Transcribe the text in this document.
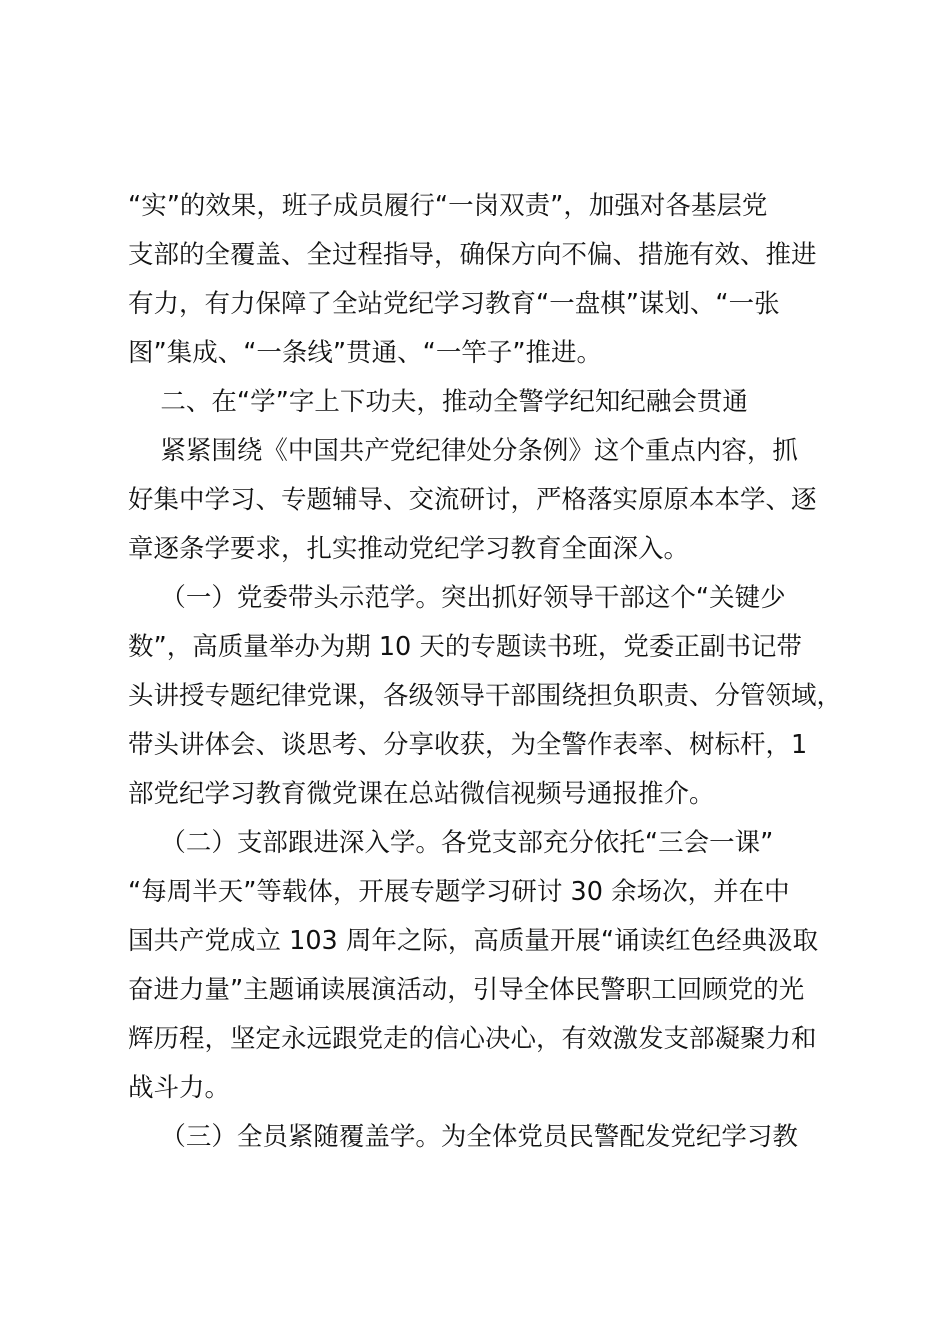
“实”的效果，班子成员履行“一岗双责”，加强对各基层党
支部的全覆盖、全过程指导，确保方向不偏、措施有效、推进
有力，有力保障了全站党纪学习教育“一盘棋”谋划、“一张
图”集成、“一条线”贯通、“一竿子”推进。
二、在“学”字上下功夫，推动全警学纪知纪融会贯通
紧紧围绕《中国共产党纪律处分条例》这个重点内容，抓
好集中学习、专题辅导、交流研讨，严格落实原原本本学、逐
章逐条学要求，扎实推动党纪学习教育全面深入。
（一）党委带头示范学。突出抓好领导干部这个“关键少
数”，高质量举办为期 10 天的专题读书班，党委正副书记带
头讲授专题纪律党课，各级领导干部围绕担负职责、分管领域，
带头讲体会、谈思考、分享收获，为全警作表率、树标杆，1
部党纪学习教育微党课在总站微信视频号通报推介。
（二）支部跟进深入学。各党支部充分依托“三会一课”
“每周半天”等载体，开展专题学习研讨 30 余场次，并在中
国共产党成立 103 周年之际，高质量开展“诵读红色经典汲取
奋进力量”主题诵读展演活动，引导全体民警职工回顾党的光
辉历程，坚定永远跟党走的信心决心，有效激发支部凝聚力和
战斗力。
（三）全员紧随覆盖学。为全体党员民警配发党纪学习教
